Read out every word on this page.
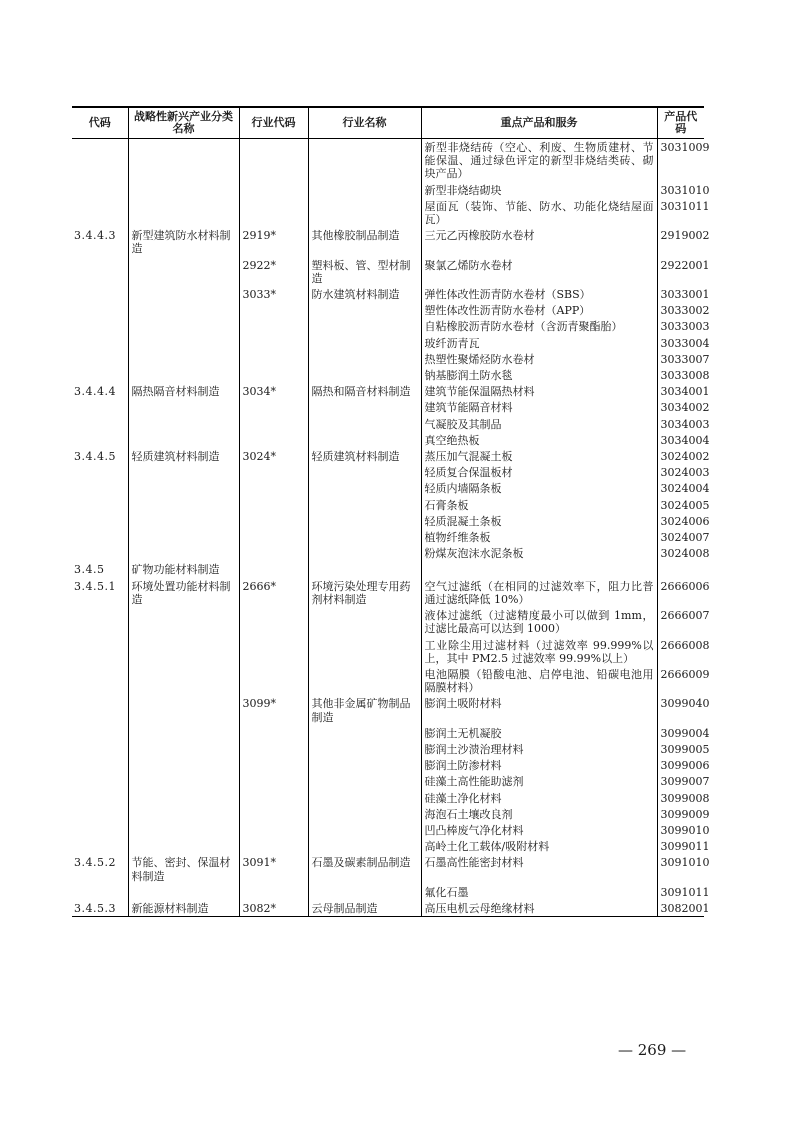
代码	战略性新兴产业分类名称	行业代码	行业名称	重点产品和服务	产品代码
				新型非烧结砖（空心、利废、生物质建材、节能保温、通过绿色评定的新型非烧结类砖、砌块产品）	3031009
				新型非烧结砌块	3031010
				屋面瓦（装饰、节能、防水、功能化烧结屋面瓦）	3031011
3.4.4.3	新型建筑防水材料制造	2919*	其他橡胶制品制造	三元乙丙橡胶防水卷材	2919002
		2922*	塑料板、管、型材制造	聚氯乙烯防水卷材	2922001
		3033*	防水建筑材料制造	弹性体改性沥青防水卷材（SBS）	3033001
				塑性体改性沥青防水卷材（APP）	3033002
				自粘橡胶沥青防水卷材（含沥青聚酯胎）	3033003
				玻纤沥青瓦	3033004
				热塑性聚烯烃防水卷材	3033007
				钠基膨润土防水毯	3033008
3.4.4.4	隔热隔音材料制造	3034*	隔热和隔音材料制造	建筑节能保温隔热材料	3034001
				建筑节能隔音材料	3034002
				气凝胶及其制品	3034003
				真空绝热板	3034004
3.4.4.5	轻质建筑材料制造	3024*	轻质建筑材料制造	蒸压加气混凝土板	3024002
				轻质复合保温板材	3024003
				轻质内墙隔条板	3024004
				石膏条板	3024005
				轻质混凝土条板	3024006
				植物纤维条板	3024007
				粉煤灰泡沫水泥条板	3024008
3.4.5	矿物功能材料制造				
3.4.5.1	环境处置功能材料制造	2666*	环境污染处理专用药剂材料制造	空气过滤纸（在相同的过滤效率下，阻力比普通过滤纸降低 10%）	2666006
				液体过滤纸（过滤精度最小可以做到 1mm，过滤比最高可以达到 1000）	2666007
				工业除尘用过滤材料（过滤效率 99.999%以上，其中 PM2.5 过滤效率 99.99%以上）	2666008
				电池隔膜（铅酸电池、启停电池、铅碳电池用隔膜材料）	2666009
		3099*	其他非金属矿物制品制造	膨润土吸附材料	3099040
				膨润土无机凝胶	3099004
				膨润土沙溃治理材料	3099005
				膨润土防渗材料	3099006
				硅藻土高性能助滤剂	3099007
				硅藻土净化材料	3099008
				海泡石土壤改良剂	3099009
				凹凸棒废气净化材料	3099010
				高岭土化工载体/吸附材料	3099011
3.4.5.2	节能、密封、保温材料制造	3091*	石墨及碳素制品制造	石墨高性能密封材料	3091010
				氟化石墨	3091011
3.4.5.3	新能源材料制造	3082*	云母制品制造	高压电机云母绝缘材料	3082001
— 269 —
